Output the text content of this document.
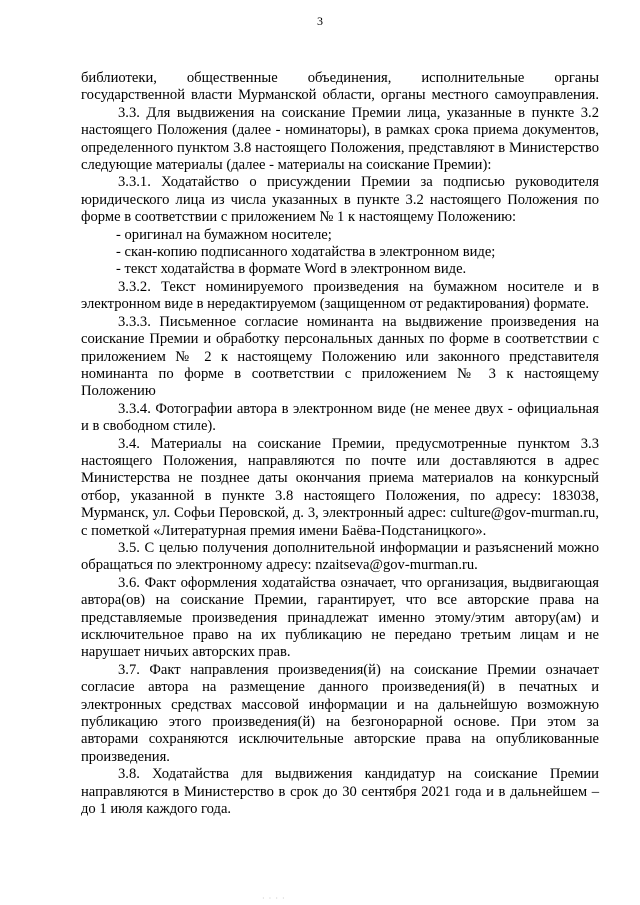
3

библиотеки, общественные объединения, исполнительные органы государственной власти Мурманской области, органы местного самоуправления.

3.3. Для выдвижения на соискание Премии лица, указанные в пункте 3.2 настоящего Положения (далее - номинаторы), в рамках срока приема документов, определенного пунктом 3.8 настоящего Положения, представляют в Министерство следующие материалы (далее - материалы на соискание Премии):

3.3.1. Ходатайство о присуждении Премии за подписью руководителя юридического лица из числа указанных в пункте 3.2 настоящего Положения по форме в соответствии с приложением № 1 к настоящему Положению:

- оригинал на бумажном носителе;

- скан-копию подписанного ходатайства в электронном виде;

- текст ходатайства в формате Word в электронном виде.

3.3.2. Текст номинируемого произведения на бумажном носителе и в электронном виде в нередактируемом (защищенном от редактирования) формате.

3.3.3. Письменное согласие номинанта на выдвижение произведения на соискание Премии и обработку персональных данных по форме в соответствии с приложением № 2 к настоящему Положению или законного представителя номинанта по форме в соответствии с приложением № 3 к настоящему Положению

3.3.4. Фотографии автора в электронном виде (не менее двух - официальная и в свободном стиле).

3.4. Материалы на соискание Премии, предусмотренные пунктом 3.3 настоящего Положения, направляются по почте или доставляются в адрес Министерства не позднее даты окончания приема материалов на конкурсный отбор, указанной в пункте 3.8 настоящего Положения, по адресу: 183038, Мурманск, ул. Софьи Перовской, д. 3, электронный адрес: culture@gov-murman.ru, с пометкой «Литературная премия имени Баёва-Подстаницкого».

3.5. С целью получения дополнительной информации и разъяснений можно обращаться по электронному адресу: nzaitseva@gov-murman.ru.

3.6. Факт оформления ходатайства означает, что организация, выдвигающая автора(ов) на соискание Премии, гарантирует, что все авторские права на представляемые произведения принадлежат именно этому/этим автору(ам) и исключительное право на их публикацию не передано третьим лицам и не нарушает ничьих авторских прав.

3.7. Факт направления произведения(й) на соискание Премии означает согласие автора на размещение данного произведения(й) в печатных и электронных средствах массовой информации и на дальнейшую возможную публикацию этого произведения(й) на безгонорарной основе. При этом за авторами сохраняются исключительные авторские права на опубликованные произведения.

3.8. Ходатайства для выдвижения кандидатур на соискание Премии направляются в Министерство в срок до 30 сентября 2021 года и в дальнейшем – до 1 июля каждого года.

· · · ·
